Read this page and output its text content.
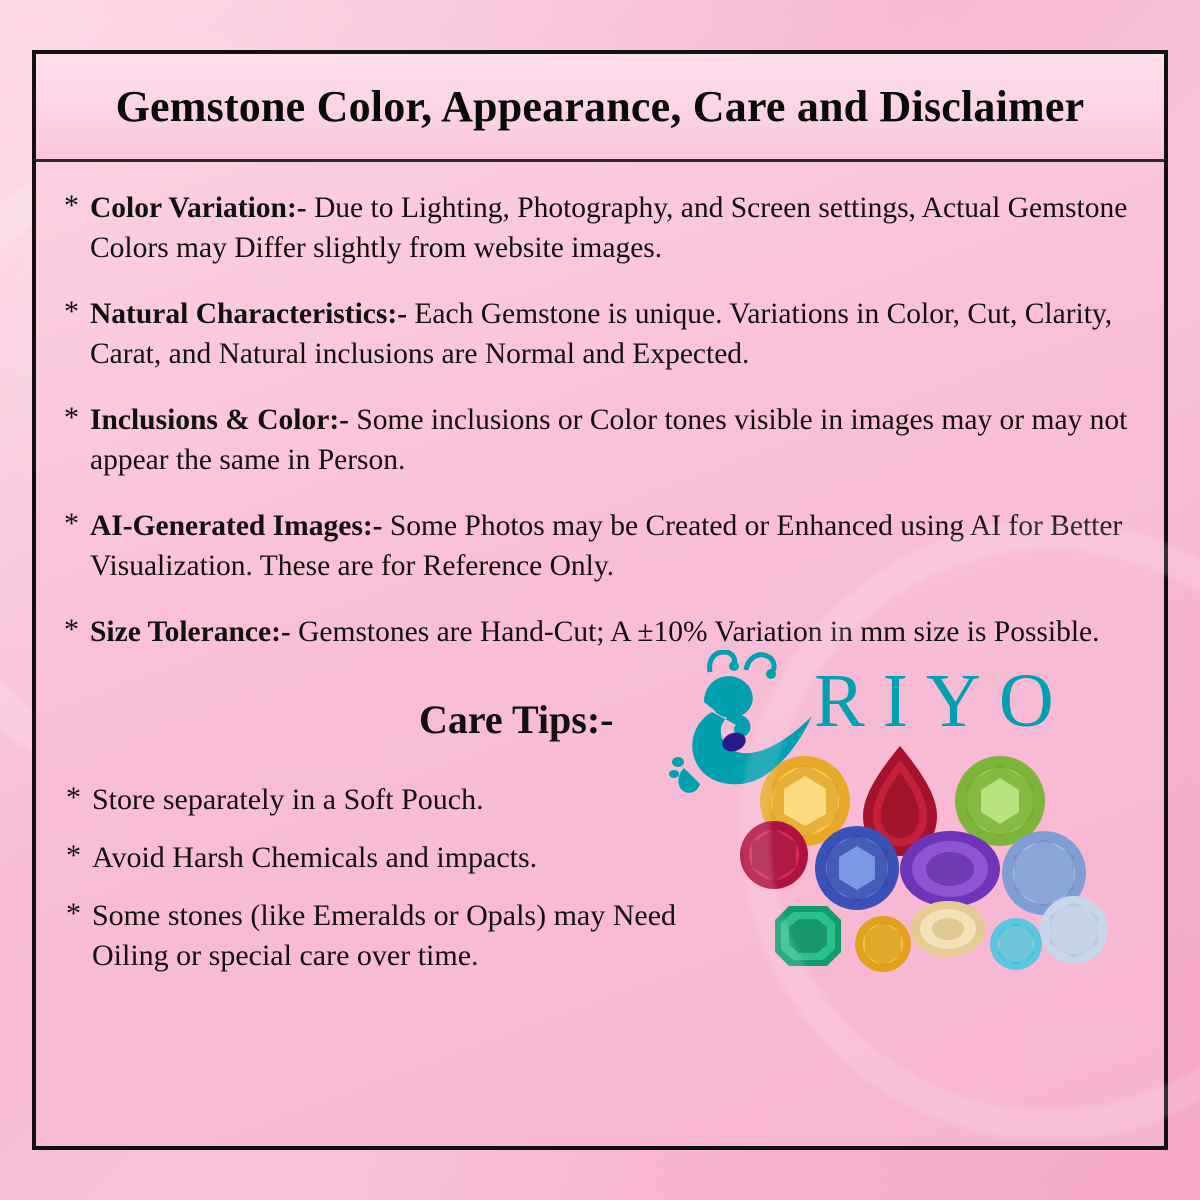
Gemstone Color, Appearance, Care and Disclaimer
* Color Variation:- Due to Lighting, Photography, and Screen settings, Actual Gemstone Colors may Differ slightly from website images.
* Natural Characteristics:- Each Gemstone is unique. Variations in Color, Cut, Clarity, Carat, and Natural inclusions are Normal and Expected.
* Inclusions & Color:- Some inclusions or Color tones visible in images may or may not appear the same in Person.
* AI-Generated Images:- Some Photos may be Created or Enhanced using AI for Better Visualization. These are for Reference Only.
* Size Tolerance:- Gemstones are Hand-Cut; A ±10% Variation in mm size is Possible.
Care Tips:-	RIYO
* Store separately in a Soft Pouch.
* Avoid Harsh Chemicals and impacts.
* Some stones (like Emeralds or Opals) may Need Oiling or special care over time.
